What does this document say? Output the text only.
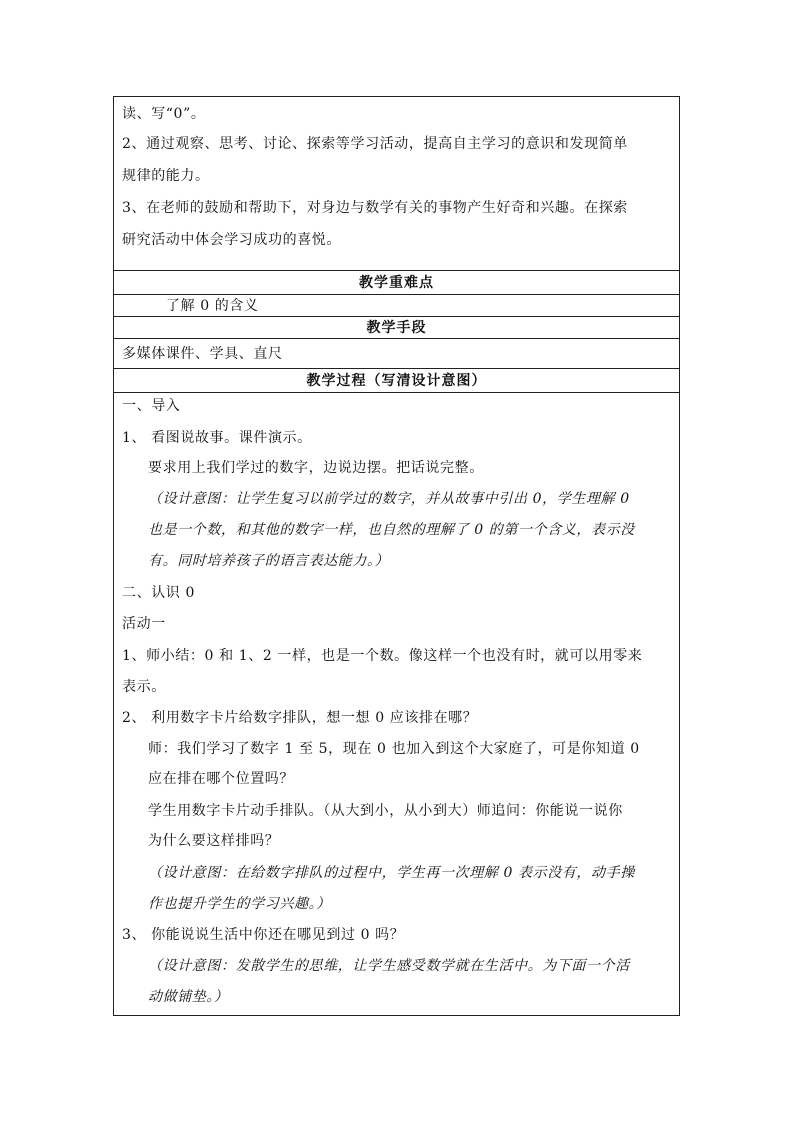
读、写“0”。
2、通过观察、思考、讨论、探索等学习活动，提高自主学习的意识和发现简单
规律的能力。
3、在老师的鼓励和帮助下，对身边与数学有关的事物产生好奇和兴趣。在探索
研究活动中体会学习成功的喜悦。
教学重难点
了解 0 的含义
教学手段
多媒体课件、学具、直尺
教学过程（写清设计意图）
一、导入
1、 看图说故事。课件演示。
要求用上我们学过的数字，边说边摆。把话说完整。
（设计意图：让学生复习以前学过的数字，并从故事中引出 0，学生理解 0
也是一个数，和其他的数字一样，也自然的理解了 0 的第一个含义，表示没
有。同时培养孩子的语言表达能力。）
二、认识 0
活动一
1、师小结：0 和 1、2 一样，也是一个数。像这样一个也没有时，就可以用零来
表示。
2、 利用数字卡片给数字排队，想一想 0 应该排在哪？
师：我们学习了数字 1 至 5，现在 0 也加入到这个大家庭了，可是你知道 0
应在排在哪个位置吗？
学生用数字卡片动手排队。（从大到小，从小到大）师追问：你能说一说你
为什么要这样排吗？
（设计意图：在给数字排队的过程中，学生再一次理解 0 表示没有，动手操
作也提升学生的学习兴趣。）
3、 你能说说生活中你还在哪见到过 0 吗？
（设计意图：发散学生的思维，让学生感受数学就在生活中。为下面一个活
动做铺垫。）
